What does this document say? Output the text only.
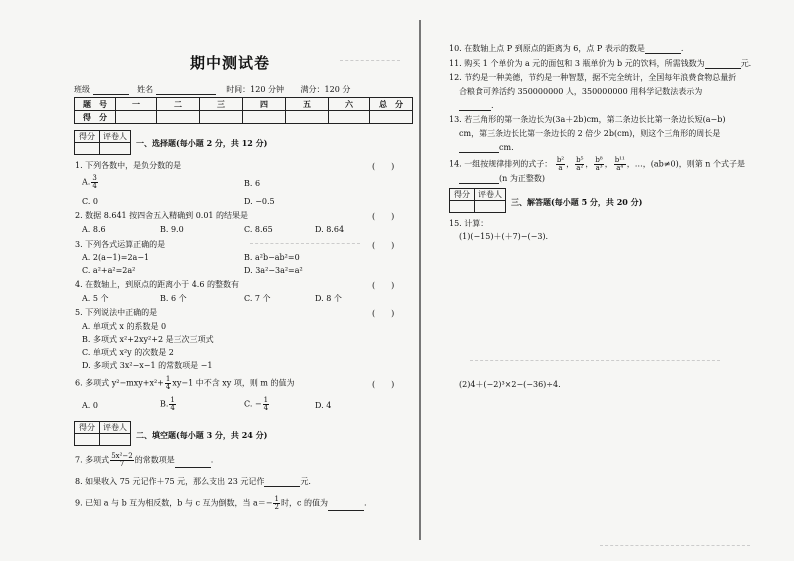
期中测试卷
班级	姓名	时间：120 分钟 满分：120 分
题　号	一	二	三	四	五	六	总　分
得　分							
得分	评卷人

一、选择题(每小题 2 分，共 12 分)
1. 下列各数中，是负分数的是	(　　)
A. $\frac{3}{4}$	B. 6
C. 0	D. −0.5
2. 数据 8.641 按四舍五入精确到 0.01 的结果是	(　　)
A. 8.6	B. 9.0	C. 8.65	D. 8.64
3. 下列各式运算正确的是	(　　)
A. 2(a−1)=2a−1	B. a²b−ab²=0
C. a²+a²=2a²	D. 3a²−3a²=a²
4. 在数轴上，到原点的距离小于 4.6 的整数有	(　　)
A. 5 个	B. 6 个	C. 7 个	D. 8 个
5. 下列说法中正确的是	(　　)
A. 单项式 x 的系数是 0
B. 多项式 x²+2xy²+2 是三次三项式
C. 单项式 x²y 的次数是 2
D. 多项式 3x²−x−1 的常数项是 −1
6. 多项式 $y^2-mxy+x^2+ \frac{1}{4} xy-1$ 中不含 xy 项，则 m 的值为	(　　)
A. 0	B. $\frac{1}{4}$	C. − $\frac{1}{4}$	D. 4
得分	评卷人

二、填空题(每小题 3 分，共 24 分)
7. 多项式 $\frac{\text{5x²−2}}{7}$ 的常数项是	.
8. 如果收入 75 元记作＋75 元，那么支出 23 元记作	元.
9. 已知 a 与 b 互为相反数，b 与 c 互为倒数，当 $a=- \frac{1}{2}$ 时，c 的值为	.
10. 在数轴上点 P 到原点的距离为 6，点 P 表示的数是	.
11. 购买 1 个单价为 a 元的面包和 3 瓶单价为 b 元的饮料，所需钱数为	元.
12. 节约是一种美德，节约是一种智慧，据不完全统计，全国每年浪费食物总量折
合粮食可养活约 350000000 人，350000000 用科学记数法表示为
.
13. 若三角形的第一条边长为(3a＋2b)cm，第二条边长比第一条边长短(a−b)
cm，第三条边长比第一条边长的 2 倍少 2b(cm)，则这个三角形的周长是
cm.
14. 一组按规律排列的式子： $\frac{\text{b²}}{a}$ ， $\frac{\text{b⁵}}{\text{a²}}$ ， $\frac{\text{b⁸}}{\text{a³}}$ ， $\frac{\text{b¹¹}}{\text{a⁴}}$ ，…，(ab≠0)，则第 n 个式子是
(n 为正整数)
得分	评卷人

三、解答题(每小题 5 分，共 20 分)
15. 计算：
(1)(−15)＋(＋7)−(−3).
(2)4＋(−2)³×2−(−36)÷4.
